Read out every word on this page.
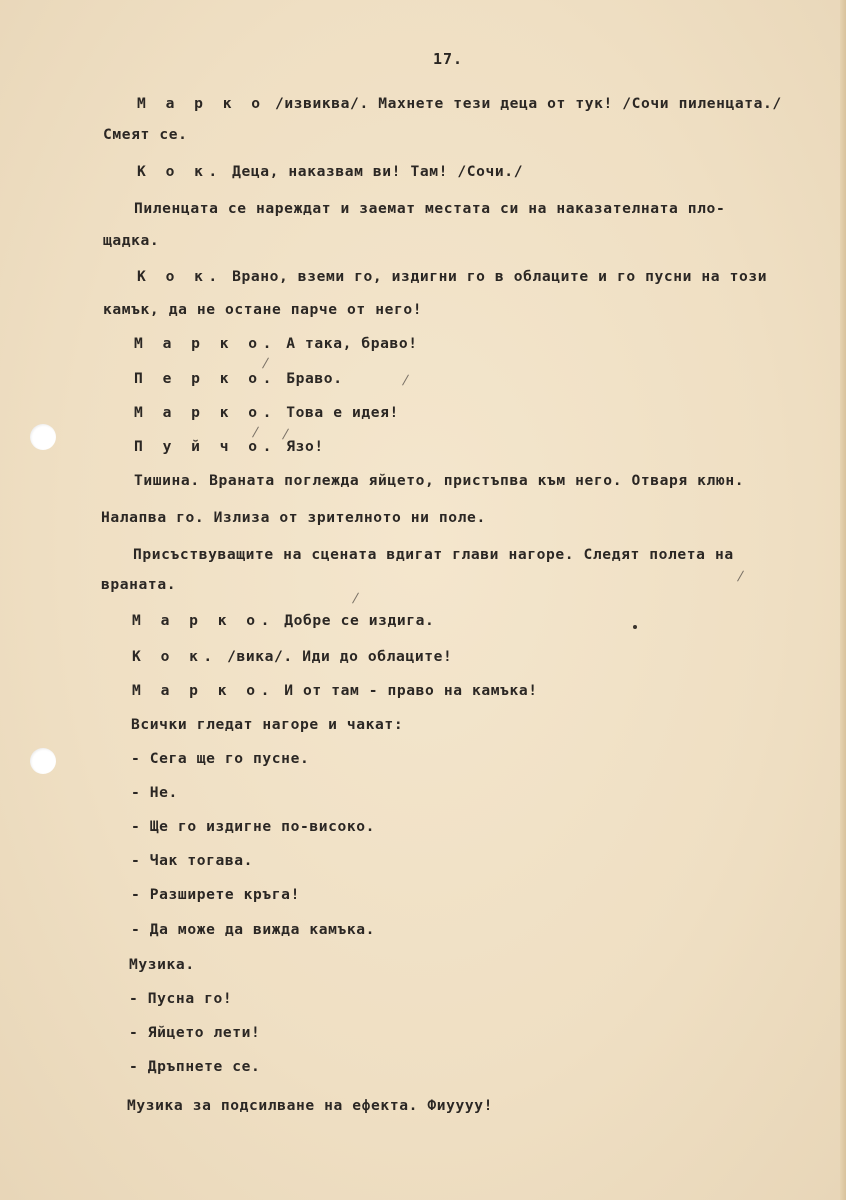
17.
М а р к о /извиква/. Махнете тези деца от тук! /Сочи пиленцата./
Смеят се.
К о к. Деца, наказвам ви! Там! /Сочи./
Пиленцата се нареждат и заемат местата си на наказателната пло-
щадка.
К о к. Врано, вземи го, издигни го в облаците и го пусни на този
камък, да не остане парче от него!
М а р к о. А така, браво!
П е р к о. Браво.
М а р к о. Това е идея!
П у й ч о. Язо!
Тишина. Враната поглежда яйцето, пристъпва към него. Отваря клюн.
Налапва го. Излиза от зрителното ни поле.
Присъствуващите на сцената вдигат глави нагоре. Следят полета на
враната.
М а р к о. Добре се издига.
К о к. /вика/. Иди до облаците!
М а р к о. И от там - право на камъка!
Всички гледат нагоре и чакат:
- Сега ще го пусне.
- Не.
- Ще го издигне по-високо.
- Чак тогава.
- Разширете кръга!
- Да може да вижда камъка.
Музика.
- Пусна го!
- Яйцето лети!
- Дръпнете се.
Музика за подсилване на ефекта. Фиуууу!
